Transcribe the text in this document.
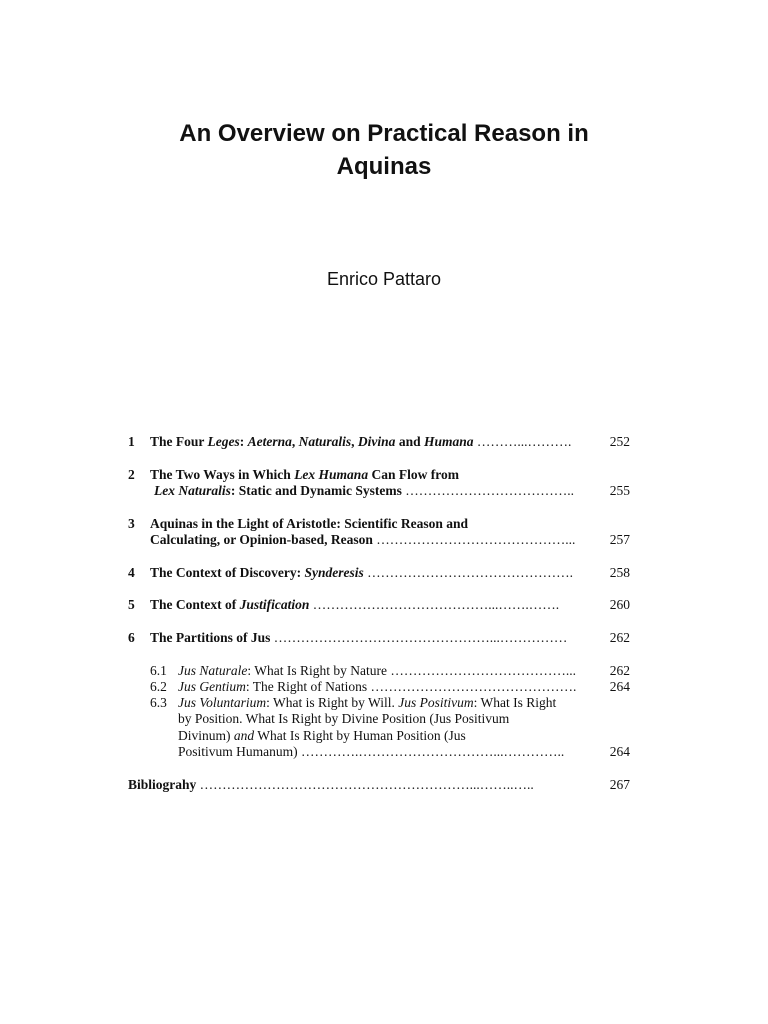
An Overview on Practical Reason in
Aquinas
Enrico Pattaro
1 The Four Leges: Aeterna, Naturalis, Divina and Humana ………...……….	252
2 The Two Ways in Which Lex Humana Can Flow from
Lex Naturalis: Static and Dynamic Systems ………………………………..	255
3 Aquinas in the Light of Aristotle: Scientific Reason and
Calculating, or Opinion-based, Reason ……………………………………...	257
4 The Context of Discovery: Synderesis ……………………………………….	258
5 The Context of Justification …………………………………...…….…….	260
6 The Partitions of Jus …………………………………………...……………	262
6.1 Jus Naturale: What Is Right by Nature …………………………………...	262
6.2 Jus Gentium: The Right of Nations ……………………………………….	264
6.3 Jus Voluntarium: What is Right by Will. Jus Positivum: What Is Right
by Position. What Is Right by Divine Position (Jus Positivum
Divinum) and What Is Right by Human Position (Jus
Positivum Humanum) ………….…………………………...…………..	264
Bibliograhy ……………………………………………………...……..…..	267
